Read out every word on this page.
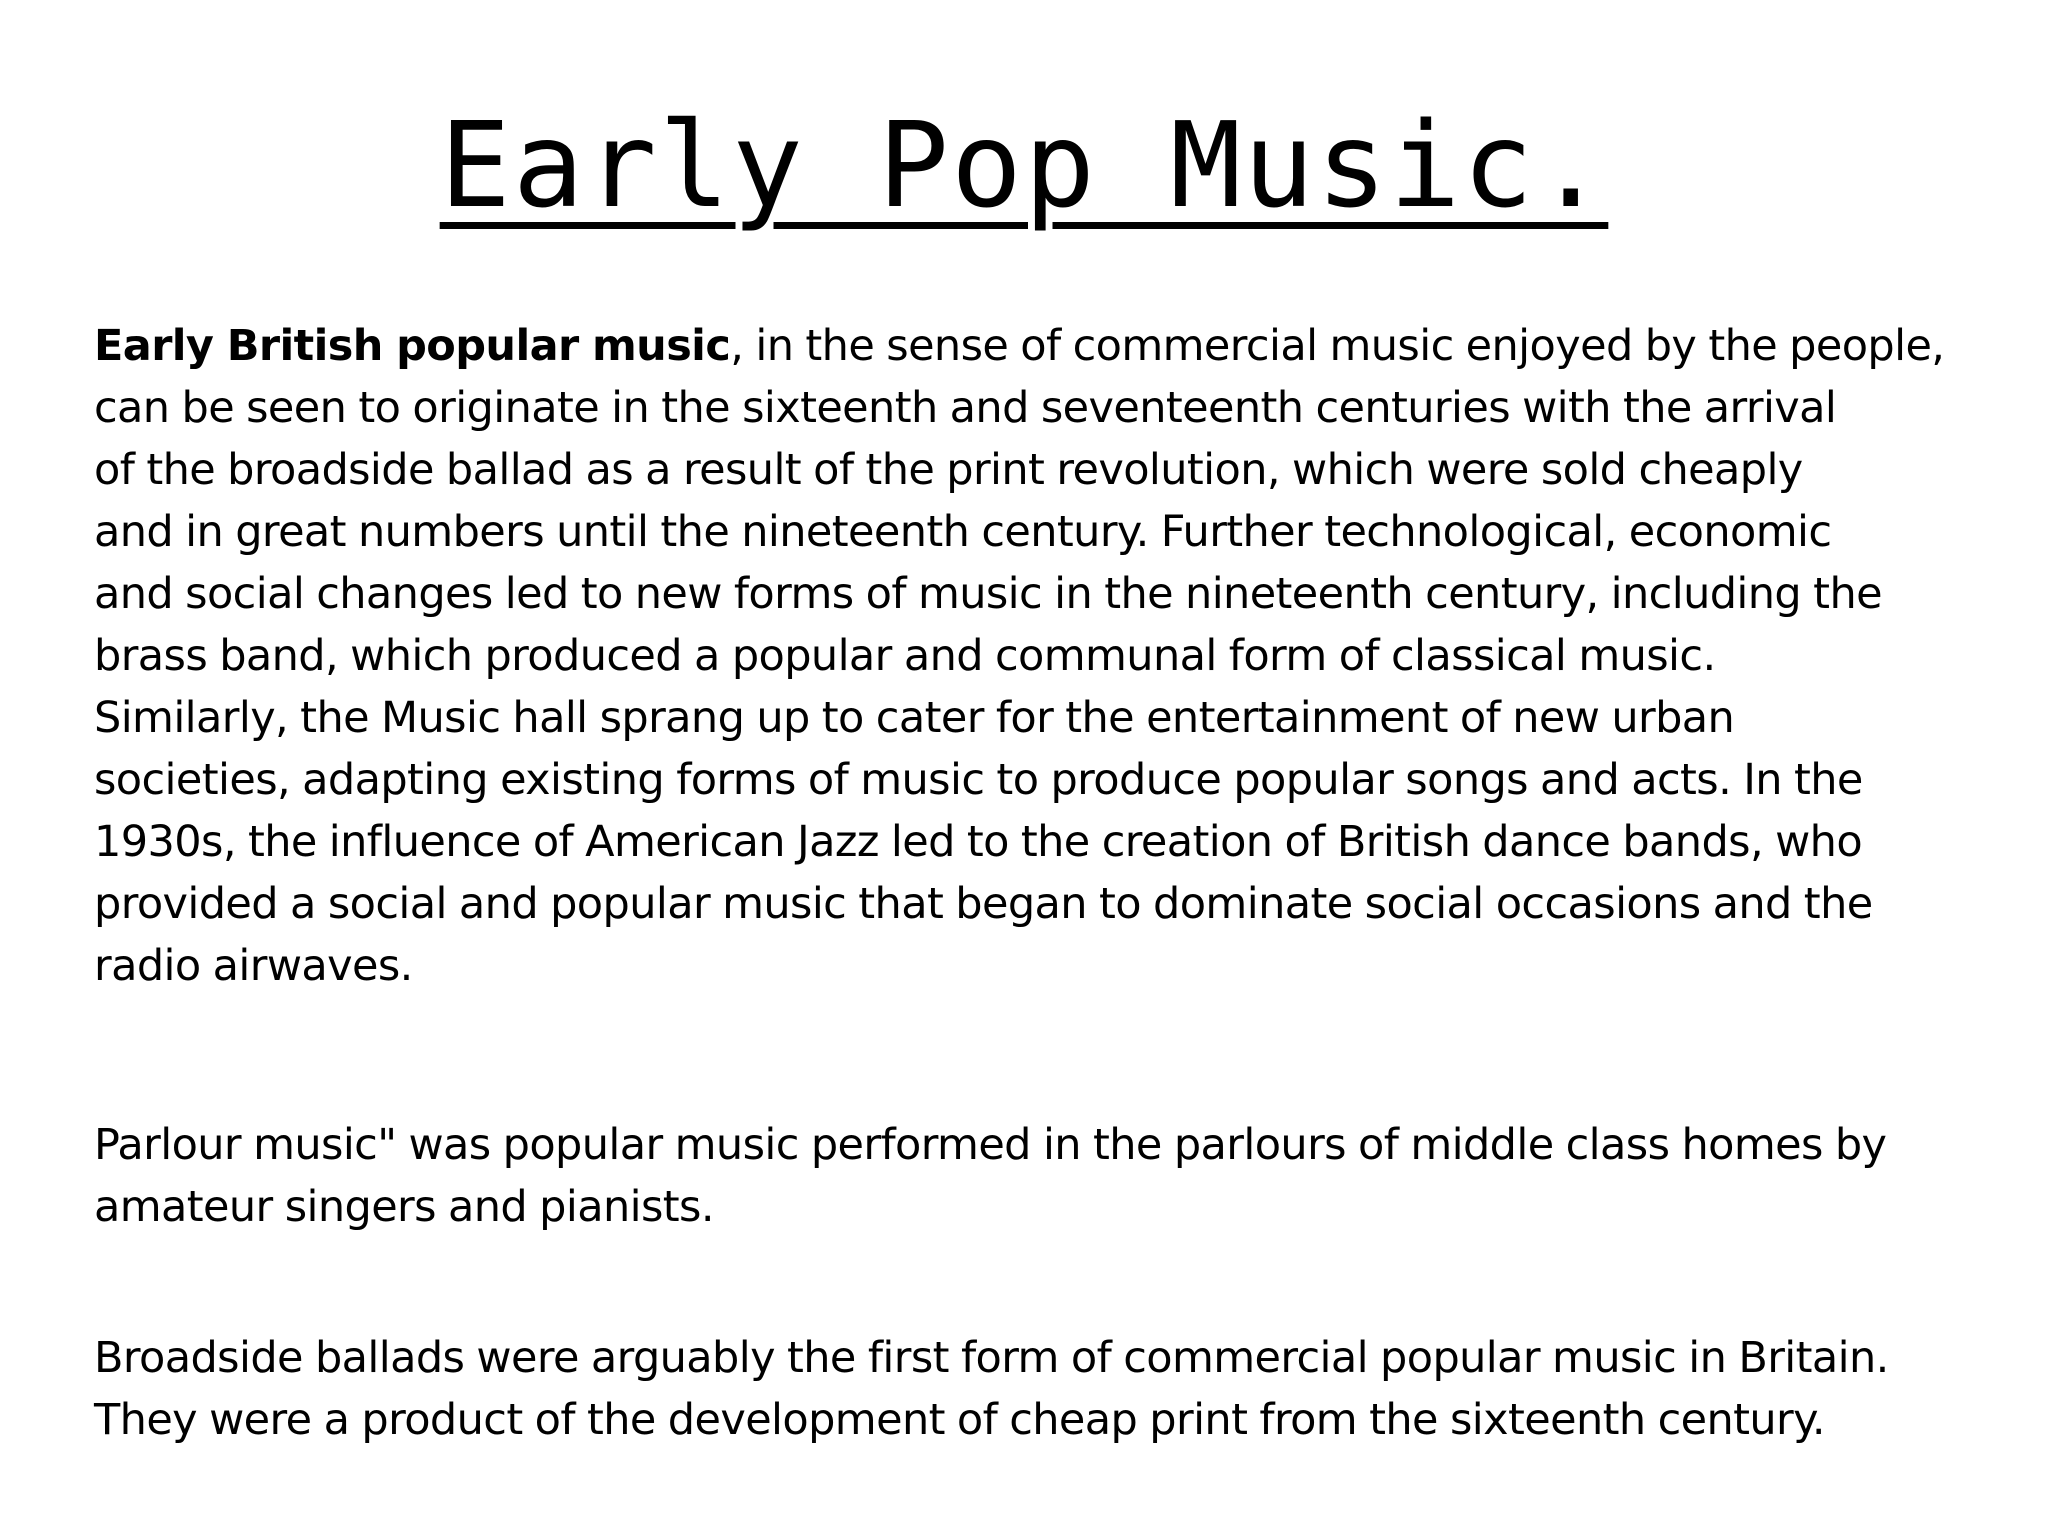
Early Pop Music.
Early British popular music, in the sense of commercial music enjoyed by the people,
can be seen to originate in the sixteenth and seventeenth centuries with the arrival
of the broadside ballad as a result of the print revolution, which were sold cheaply
and in great numbers until the nineteenth century. Further technological, economic
and social changes led to new forms of music in the nineteenth century, including the
brass band, which produced a popular and communal form of classical music.
Similarly, the Music hall sprang up to cater for the entertainment of new urban
societies, adapting existing forms of music to produce popular songs and acts. In the
1930s, the influence of American Jazz led to the creation of British dance bands, who
provided a social and popular music that began to dominate social occasions and the
radio airwaves.
Parlour music" was popular music performed in the parlours of middle class homes by
amateur singers and pianists.
Broadside ballads were arguably the first form of commercial popular music in Britain.
They were a product of the development of cheap print from the sixteenth century.
